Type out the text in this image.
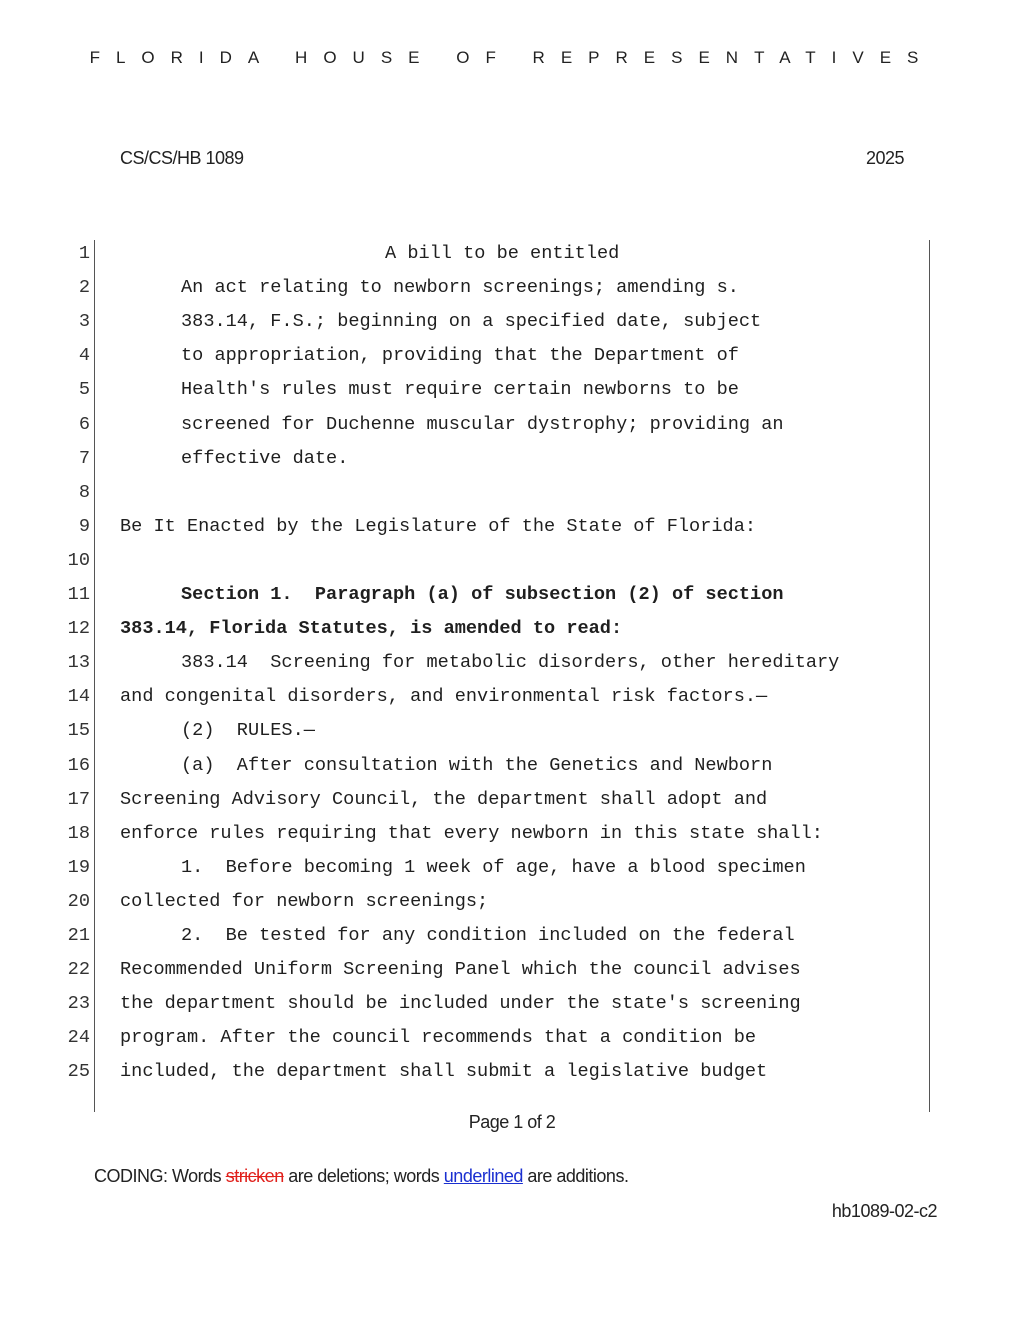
FLORIDA HOUSE OF REPRESENTATIVES
CS/CS/HB 1089	2025
1	A bill to be entitled
2	An act relating to newborn screenings; amending s.
3	383.14, F.S.; beginning on a specified date, subject
4	to appropriation, providing that the Department of
5	Health's rules must require certain newborns to be
6	screened for Duchenne muscular dystrophy; providing an
7	effective date.
8
9 Be It Enacted by the Legislature of the State of Florida:
10
11	Section 1.  Paragraph (a) of subsection (2) of section
12 383.14, Florida Statutes, is amended to read:
13	383.14  Screening for metabolic disorders, other hereditary
14 and congenital disorders, and environmental risk factors.—
15	(2)  RULES.—
16	(a)  After consultation with the Genetics and Newborn
17 Screening Advisory Council, the department shall adopt and
18 enforce rules requiring that every newborn in this state shall:
19	1.  Before becoming 1 week of age, have a blood specimen
20 collected for newborn screenings;
21	2.  Be tested for any condition included on the federal
22 Recommended Uniform Screening Panel which the council advises
23 the department should be included under the state's screening
24 program. After the council recommends that a condition be
25 included, the department shall submit a legislative budget
Page 1 of 2
CODING: Words stricken are deletions; words underlined are additions.
hb1089-02-c2
